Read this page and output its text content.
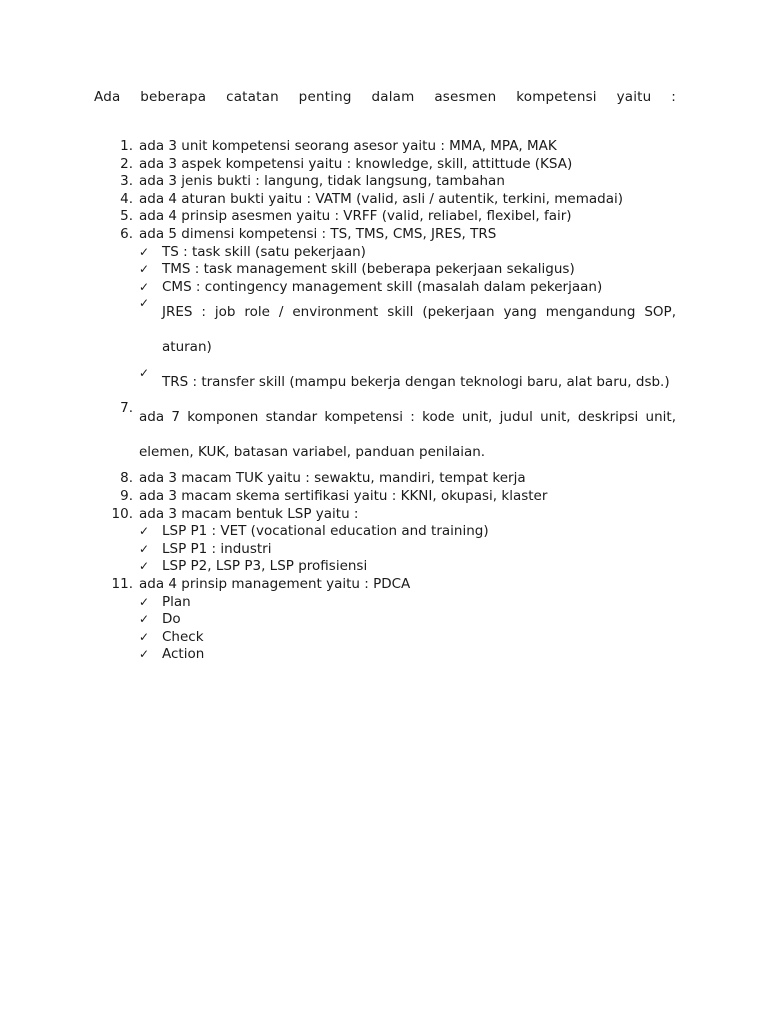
Ada beberapa catatan penting dalam asesmen kompetensi yaitu :
1. ada 3 unit kompetensi seorang asesor yaitu : MMA, MPA, MAK
2. ada 3 aspek kompetensi yaitu : knowledge, skill, attittude (KSA)
3. ada 3 jenis bukti : langung, tidak langsung, tambahan
4. ada 4 aturan bukti yaitu : VATM (valid, asli / autentik, terkini, memadai)
5. ada 4 prinsip asesmen yaitu : VRFF (valid, reliabel, flexibel, fair)
6. ada 5 dimensi kompetensi : TS, TMS, CMS, JRES, TRS
✓ TS : task skill (satu pekerjaan)
✓ TMS : task management skill (beberapa pekerjaan sekaligus)
✓ CMS : contingency management skill (masalah dalam pekerjaan)
✓
JRES : job role / environment skill (pekerjaan yang mengandung SOP, aturan)
✓
TRS : transfer skill (mampu bekerja dengan teknologi baru, alat baru, dsb.)
7.
ada 7 komponen standar kompetensi : kode unit, judul unit, deskripsi unit, elemen, KUK, batasan variabel, panduan penilaian.
8. ada 3 macam TUK yaitu : sewaktu, mandiri, tempat kerja
9. ada 3 macam skema sertifikasi yaitu : KKNI, okupasi, klaster
10. ada 3 macam bentuk LSP yaitu :
✓ LSP P1 : VET (vocational education and training)
✓ LSP P1 : industri
✓ LSP P2, LSP P3, LSP profisiensi
11. ada 4 prinsip management yaitu : PDCA
✓ Plan
✓ Do
✓ Check
✓ Action
